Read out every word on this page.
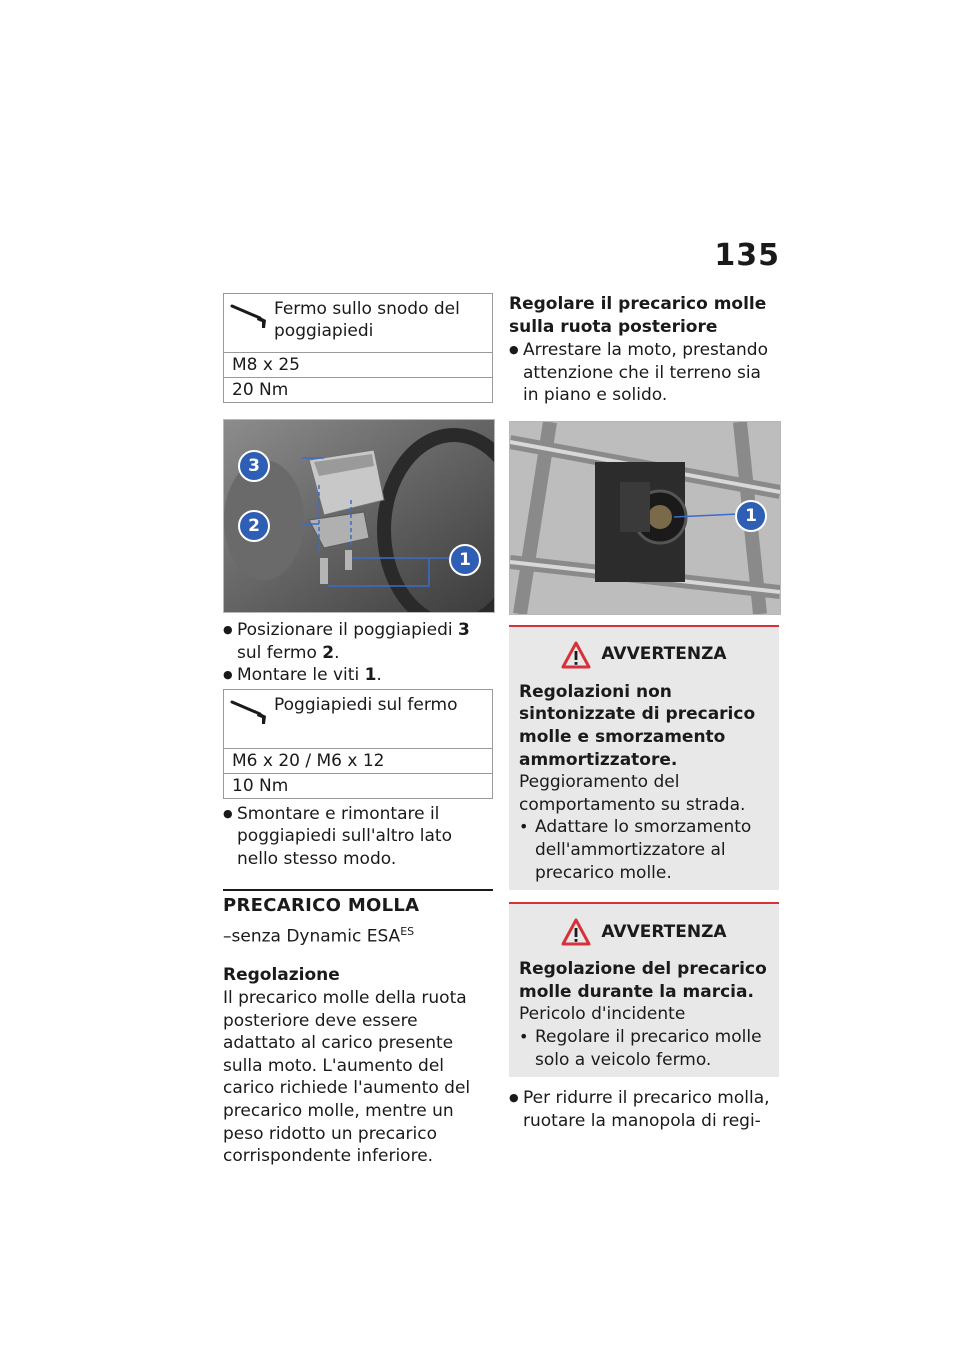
135
Fermo sullo snodo del poggiapiedi
M8 x 25
20 Nm
3
2
1
● Posizionare il poggiapiedi 3 sul fermo 2.
● Montare le viti 1.
Poggiapiedi sul fermo
M6 x 20 / M6 x 12
10 Nm
● Smontare e rimontare il poggiapiedi sull'altro lato nello stesso modo.
PRECARICO MOLLA
–senza Dynamic $ESA^{ES}$
Regolazione

Il precarico molle della ruota posteriore deve essere adattato al carico presente sulla moto. L'aumento del carico richiede l'aumento del precarico molle, mentre un peso ridotto un precarico corrispondente inferiore.

Regolare il precarico molle sulla ruota posteriore
● Arrestare la moto, prestando attenzione che il terreno sia in piano e solido.
1
AVVERTENZA
Regolazioni non sintonizzate di precarico molle e smorzamento ammortizzatore.

Peggioramento del comportamento su strada.

• Adattare lo smorzamento dell'ammortizzatore al precarico molle.
AVVERTENZA
Regolazione del precarico molle durante la marcia.

Pericolo d'incidente

• Regolare il precarico molle solo a veicolo fermo.
● Per ridurre il precarico molla, ruotare la manopola di regi-
